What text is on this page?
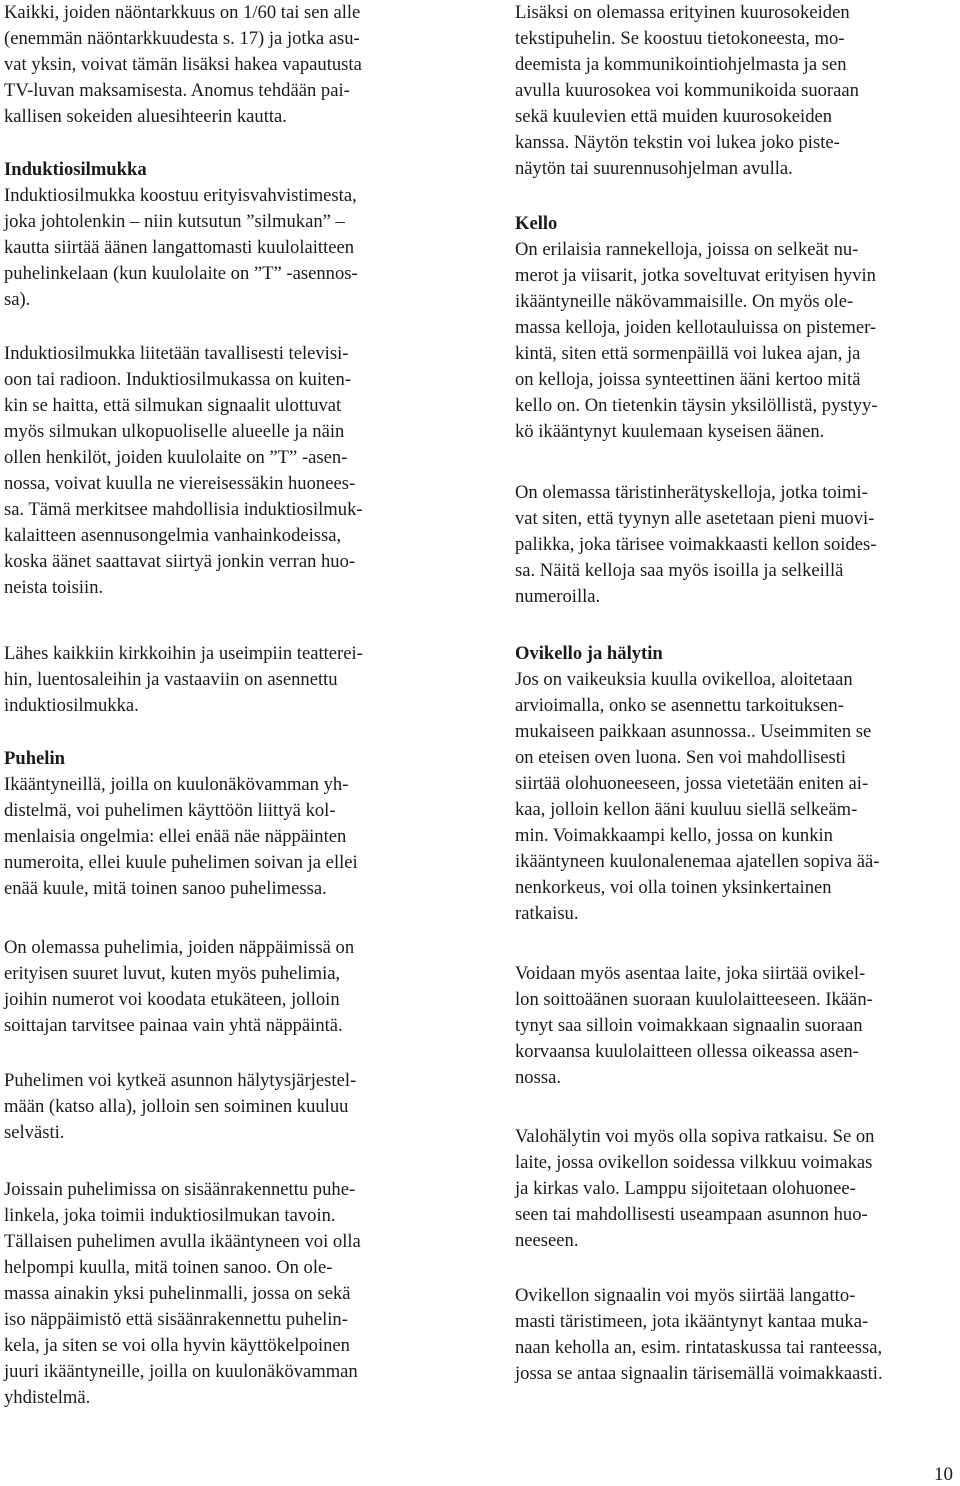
Kaikki, joiden näöntarkkuus on 1/60 tai sen alle
(enemmän näöntarkkuudesta s. 17) ja jotka asu-
vat yksin, voivat tämän lisäksi hakea vapautusta
TV-luvan maksamisesta. Anomus tehdään pai-
kallisen sokeiden aluesihteerin kautta.
Induktiosilmukka
Induktiosilmukka koostuu erityisvahvistimesta,
joka johtolenkin – niin kutsutun ”silmukan” –
kautta siirtää äänen langattomasti kuulolaitteen
puhelinkelaan (kun kuulolaite on ”T” -asennos-
sa).
Induktiosilmukka liitetään tavallisesti televisi-
oon tai radioon. Induktiosilmukassa on kuiten-
kin se haitta, että silmukan signaalit ulottuvat
myös silmukan ulkopuoliselle alueelle ja näin
ollen henkilöt, joiden kuulolaite on ”T” -asen-
nossa, voivat kuulla ne viereisessäkin huonees-
sa. Tämä merkitsee mahdollisia induktiosilmuk-
kalaitteen asennusongelmia vanhainkodeissa,
koska äänet saattavat siirtyä jonkin verran huo-
neista toisiin.
Lähes kaikkiin kirkkoihin ja useimpiin teatterei-
hin, luentosaleihin ja vastaaviin on asennettu
induktiosilmukka.
Puhelin
Ikääntyneillä, joilla on kuulonäkövamman yh-
distelmä, voi puhelimen käyttöön liittyä kol-
menlaisia ongelmia: ellei enää näe näppäinten
numeroita, ellei kuule puhelimen soivan ja ellei
enää kuule, mitä toinen sanoo puhelimessa.
On olemassa puhelimia, joiden näppäimissä on
erityisen suuret luvut, kuten myös puhelimia,
joihin numerot voi koodata etukäteen, jolloin
soittajan tarvitsee painaa vain yhtä näppäintä.
Puhelimen voi kytkeä asunnon hälytysjärjestel-
mään (katso alla), jolloin sen soiminen kuuluu
selvästi.
Joissain puhelimissa on sisäänrakennettu puhe-
linkela, joka toimii induktiosilmukan tavoin.
Tällaisen puhelimen avulla ikääntyneen voi olla
helpompi kuulla, mitä toinen sanoo. On ole-
massa ainakin yksi puhelinmalli, jossa on sekä
iso näppäimistö että sisäänrakennettu puhelin-
kela, ja siten se voi olla hyvin käyttökelpoinen
juuri ikääntyneille, joilla on kuulonäkövamman
yhdistelmä.
Lisäksi on olemassa erityinen kuurosokeiden
tekstipuhelin. Se koostuu tietokoneesta, mo-
deemista ja kommunikointiohjelmasta ja sen
avulla kuurosokea voi kommunikoida suoraan
sekä kuulevien että muiden kuurosokeiden
kanssa. Näytön tekstin voi lukea joko piste-
näytön tai suurennusohjelman avulla.
Kello
On erilaisia rannekelloja, joissa on selkeät nu-
merot ja viisarit, jotka soveltuvat erityisen hyvin
ikääntyneille näkövammaisille. On myös ole-
massa kelloja, joiden kellotauluissa on pistemer-
kintä, siten että sormenpäillä voi lukea ajan, ja
on kelloja, joissa synteettinen ääni kertoo mitä
kello on. On tietenkin täysin yksilöllistä, pystyy-
kö ikääntynyt kuulemaan kyseisen äänen.
On olemassa täristinherätyskelloja, jotka toimi-
vat siten, että tyynyn alle asetetaan pieni muovi-
palikka, joka tärisee voimakkaasti kellon soides-
sa. Näitä kelloja saa myös isoilla ja selkeillä
numeroilla.
Ovikello ja hälytin
Jos on vaikeuksia kuulla ovikelloa, aloitetaan
arvioimalla, onko se asennettu tarkoituksen-
mukaiseen paikkaan asunnossa.. Useimmiten se
on eteisen oven luona. Sen voi mahdollisesti
siirtää olohuoneeseen, jossa vietetään eniten ai-
kaa, jolloin kellon ääni kuuluu siellä selkeäm-
min. Voimakkaampi kello, jossa on kunkin
ikääntyneen kuulonalenemaa ajatellen sopiva ää-
nenkorkeus, voi olla toinen yksinkertainen
ratkaisu.
Voidaan myös asentaa laite, joka siirtää ovikel-
lon soittoäänen suoraan kuulolaitteeseen. Ikään-
tynyt saa silloin voimakkaan signaalin suoraan
korvaansa kuulolaitteen ollessa oikeassa asen-
nossa.
Valohälytin voi myös olla sopiva ratkaisu. Se on
laite, jossa ovikellon soidessa vilkkuu voimakas
ja kirkas valo. Lamppu sijoitetaan olohuonee-
seen tai mahdollisesti useampaan asunnon huo-
neeseen.
Ovikellon signaalin voi myös siirtää langatto-
masti täristimeen, jota ikääntynyt kantaa muka-
naan keholla an, esim. rintataskussa tai ranteessa,
jossa se antaa signaalin tärisemällä voimakkaasti.
10
